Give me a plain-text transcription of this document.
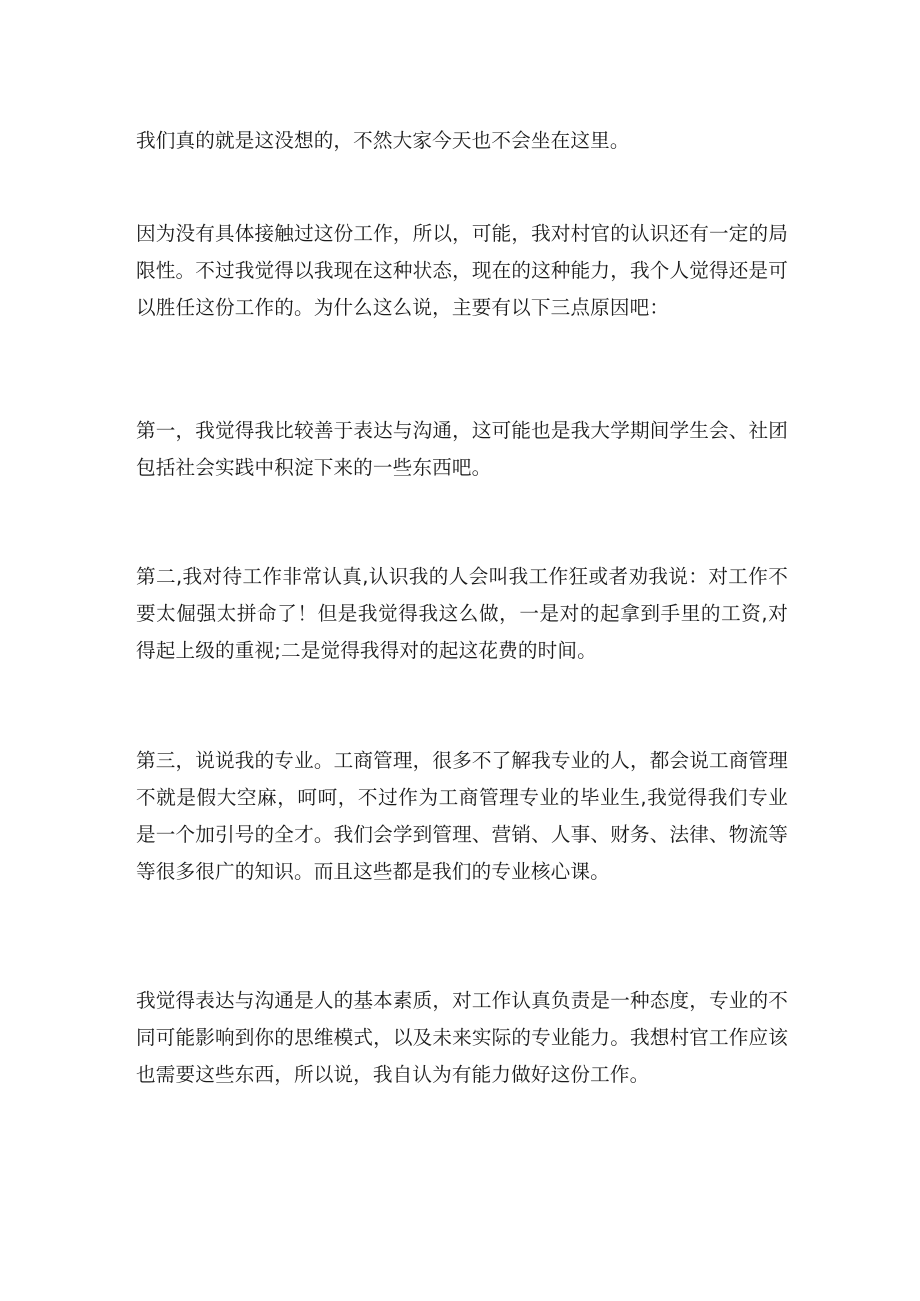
我们真的就是这没想的，不然大家今天也不会坐在这里。

因为没有具体接触过这份工作，所以，可能，我对村官的认识还有一定的局限性。不过我觉得以我现在这种状态，现在的这种能力，我个人觉得还是可以胜任这份工作的。为什么这么说，主要有以下三点原因吧：

第一，我觉得我比较善于表达与沟通，这可能也是我大学期间学生会、社团包括社会实践中积淀下来的一些东西吧。

第二,我对待工作非常认真,认识我的人会叫我工作狂或者劝我说：对工作不要太倔强太拼命了！但是我觉得我这么做，一是对的起拿到手里的工资,对得起上级的重视;二是觉得我得对的起这花费的时间。

第三，说说我的专业。工商管理，很多不了解我专业的人，都会说工商管理不就是假大空麻，呵呵，不过作为工商管理专业的毕业生,我觉得我们专业是一个加引号的全才。我们会学到管理、营销、人事、财务、法律、物流等等很多很广的知识。而且这些都是我们的专业核心课。

我觉得表达与沟通是人的基本素质，对工作认真负责是一种态度，专业的不同可能影响到你的思维模式，以及未来实际的专业能力。我想村官工作应该也需要这些东西，所以说，我自认为有能力做好这份工作。
